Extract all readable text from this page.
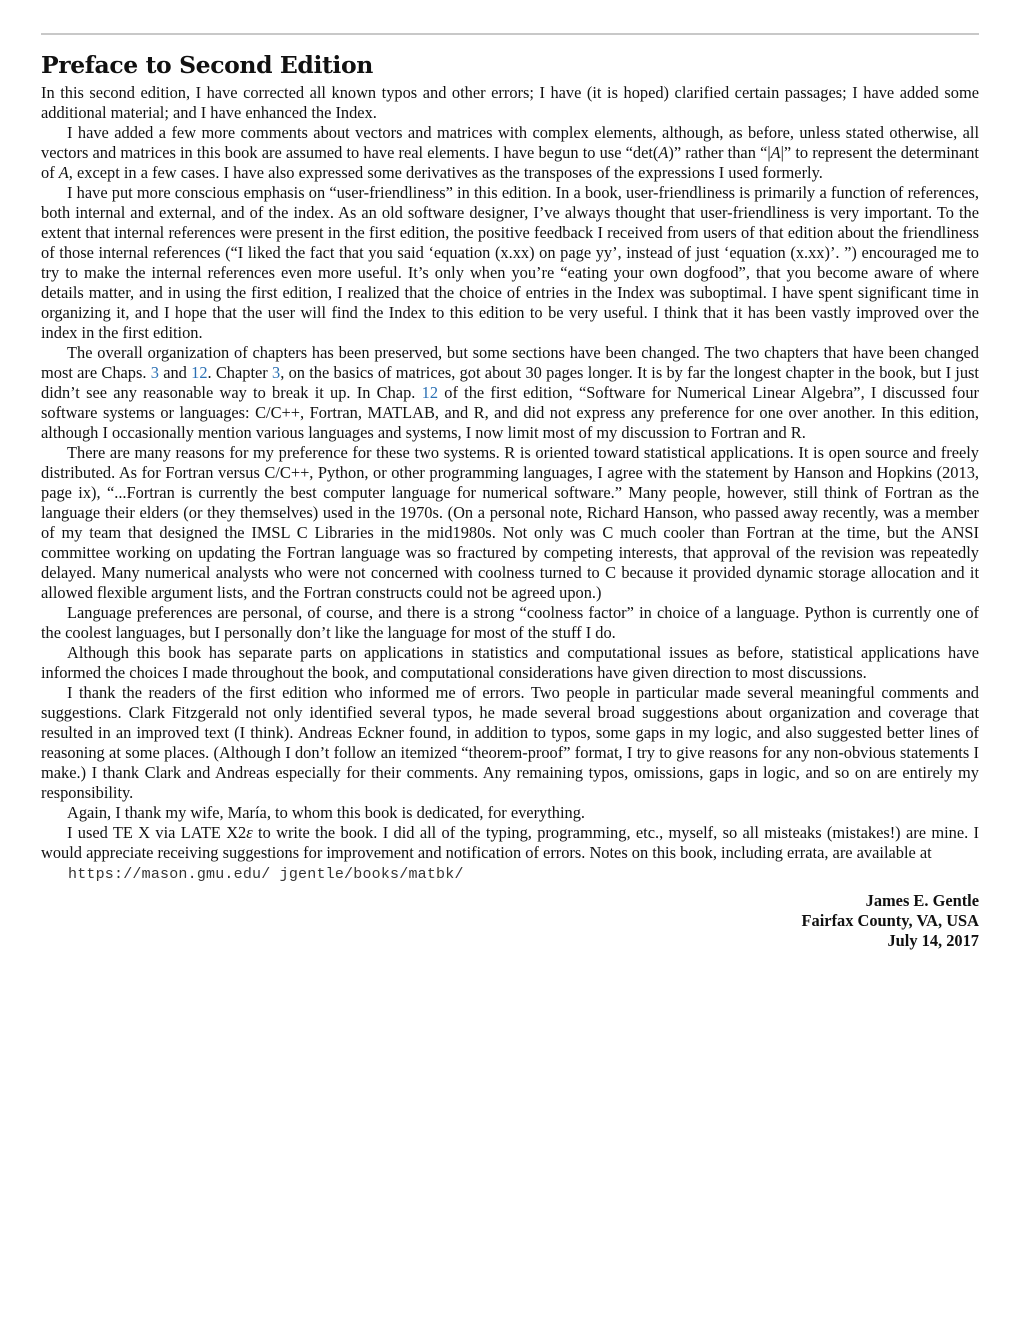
Preface to Second Edition

In this second edition, I have corrected all known typos and other errors; I have (it is hoped) clarified certain passages; I have added some additional material; and I have enhanced the Index.

I have added a few more comments about vectors and matrices with complex elements, although, as before, unless stated otherwise, all vectors and matrices in this book are assumed to have real elements. I have begun to use “det(A)” rather than “|A|” to represent the determinant of A, except in a few cases. I have also expressed some derivatives as the transposes of the expressions I used formerly.

I have put more conscious emphasis on “user-friendliness” in this edition. In a book, user-friendliness is primarily a function of references, both internal and external, and of the index. As an old software designer, I’ve always thought that user-friendliness is very important. To the extent that internal references were present in the first edition, the positive feedback I received from users of that edition about the friendliness of those internal references (“I liked the fact that you said ‘equation (x.xx) on page yy’, instead of just ‘equation (x.xx)’. ”) encouraged me to try to make the internal references even more useful. It’s only when you’re “eating your own dogfood”, that you become aware of where details matter, and in using the first edition, I realized that the choice of entries in the Index was suboptimal. I have spent significant time in organizing it, and I hope that the user will find the Index to this edition to be very useful. I think that it has been vastly improved over the index in the first edition.

The overall organization of chapters has been preserved, but some sections have been changed. The two chapters that have been changed most are Chaps. 3 and 12. Chapter 3, on the basics of matrices, got about 30 pages longer. It is by far the longest chapter in the book, but I just didn’t see any reasonable way to break it up. In Chap. 12 of the first edition, “Software for Numerical Linear Algebra”, I discussed four software systems or languages: C/C++, Fortran, MATLAB, and R, and did not express any preference for one over another. In this edition, although I occasionally mention various languages and systems, I now limit most of my discussion to Fortran and R.

There are many reasons for my preference for these two systems. R is oriented toward statistical applications. It is open source and freely distributed. As for Fortran versus C/C++, Python, or other programming languages, I agree with the statement by Hanson and Hopkins (2013, page ix), “...Fortran is currently the best computer language for numerical software.” Many people, however, still think of Fortran as the language their elders (or they themselves) used in the 1970s. (On a personal note, Richard Hanson, who passed away recently, was a member of my team that designed the IMSL C Libraries in the mid1980s. Not only was C much cooler than Fortran at the time, but the ANSI committee working on updating the Fortran language was so fractured by competing interests, that approval of the revision was repeatedly delayed. Many numerical analysts who were not concerned with coolness turned to C because it provided dynamic storage allocation and it allowed flexible argument lists, and the Fortran constructs could not be agreed upon.)

Language preferences are personal, of course, and there is a strong “coolness factor” in choice of a language. Python is currently one of the coolest languages, but I personally don’t like the language for most of the stuff I do.

Although this book has separate parts on applications in statistics and computational issues as before, statistical applications have informed the choices I made throughout the book, and computational considerations have given direction to most discussions.

I thank the readers of the first edition who informed me of errors. Two people in particular made several meaningful comments and suggestions. Clark Fitzgerald not only identified several typos, he made several broad suggestions about organization and coverage that resulted in an improved text (I think). Andreas Eckner found, in addition to typos, some gaps in my logic, and also suggested better lines of reasoning at some places. (Although I don’t follow an itemized “theorem-proof” format, I try to give reasons for any non-obvious statements I make.) I thank Clark and Andreas especially for their comments. Any remaining typos, omissions, gaps in logic, and so on are entirely my responsibility.

Again, I thank my wife, María, to whom this book is dedicated, for everything.

I used TE X via LATE X2ε to write the book. I did all of the typing, programming, etc., myself, so all misteaks (mistakes!) are mine. I would appreciate receiving suggestions for improvement and notification of errors. Notes on this book, including errata, are available at

https://mason.gmu.edu/ jgentle/books/matbk/
James E. Gentle
Fairfax County, VA, USA
July 14, 2017
